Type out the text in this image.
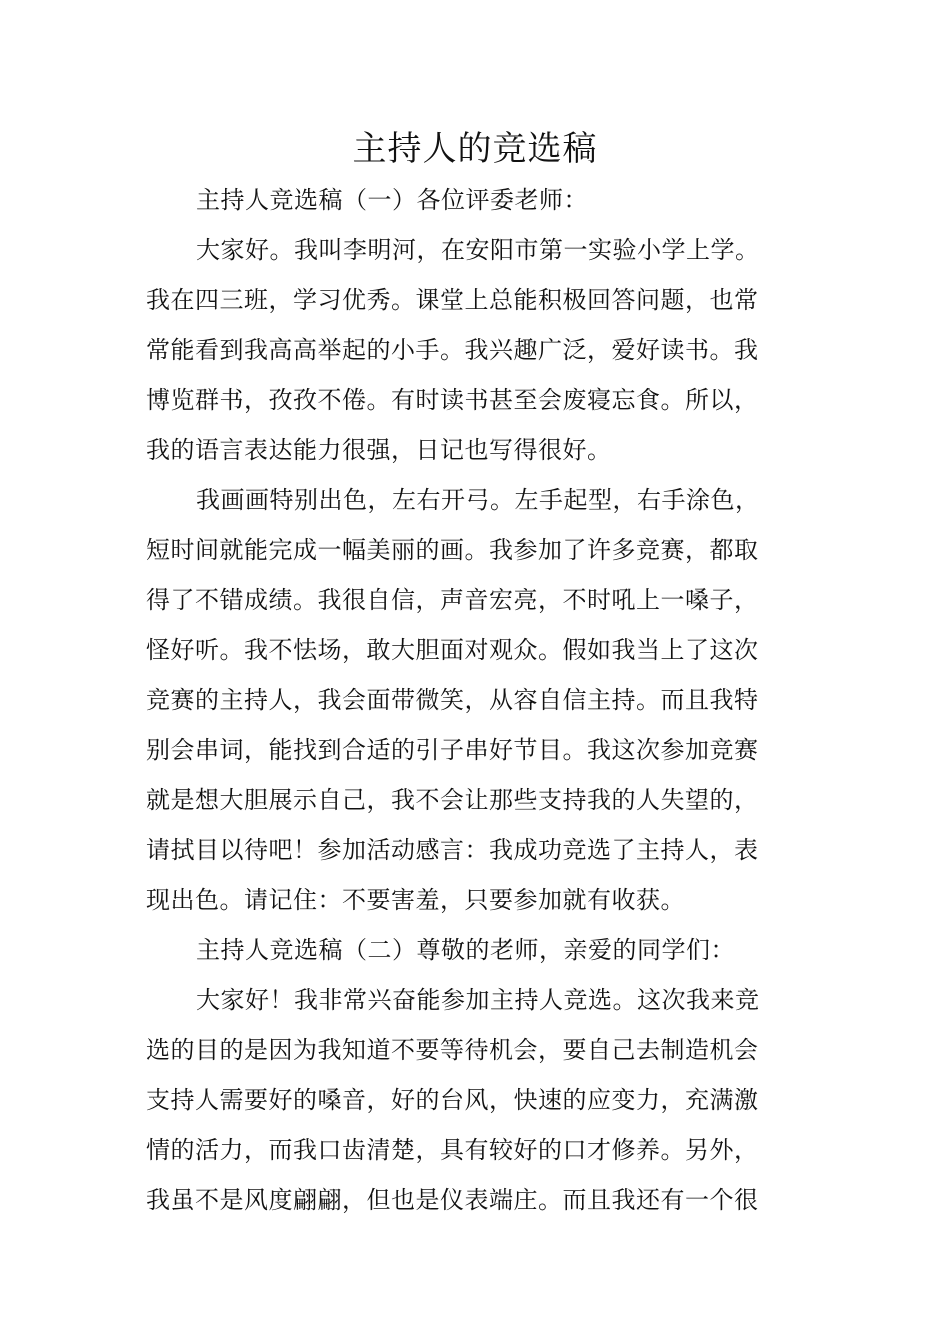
主持人的竞选稿

主持人竞选稿（一）各位评委老师：

大家好。我叫李明河，在安阳市第一实验小学上学。

我在四三班，学习优秀。课堂上总能积极回答问题，也常

常能看到我高高举起的小手。我兴趣广泛，爱好读书。我

博览群书，孜孜不倦。有时读书甚至会废寝忘食。所以，

我的语言表达能力很强，日记也写得很好。

我画画特别出色，左右开弓。左手起型，右手涂色，

短时间就能完成一幅美丽的画。我参加了许多竞赛，都取

得了不错成绩。我很自信，声音宏亮，不时吼上一嗓子，

怪好听。我不怯场，敢大胆面对观众。假如我当上了这次

竞赛的主持人，我会面带微笑，从容自信主持。而且我特

别会串词，能找到合适的引子串好节目。我这次参加竞赛

就是想大胆展示自己，我不会让那些支持我的人失望的，

请拭目以待吧！参加活动感言：我成功竞选了主持人，表

现出色。请记住：不要害羞，只要参加就有收获。

主持人竞选稿（二）尊敬的老师，亲爱的同学们：

大家好！我非常兴奋能参加主持人竞选。这次我来竞

选的目的是因为我知道不要等待机会，要自己去制造机会

支持人需要好的嗓音，好的台风，快速的应变力，充满激

情的活力，而我口齿清楚，具有较好的口才修养。另外，

我虽不是风度翩翩，但也是仪表端庄。而且我还有一个很
